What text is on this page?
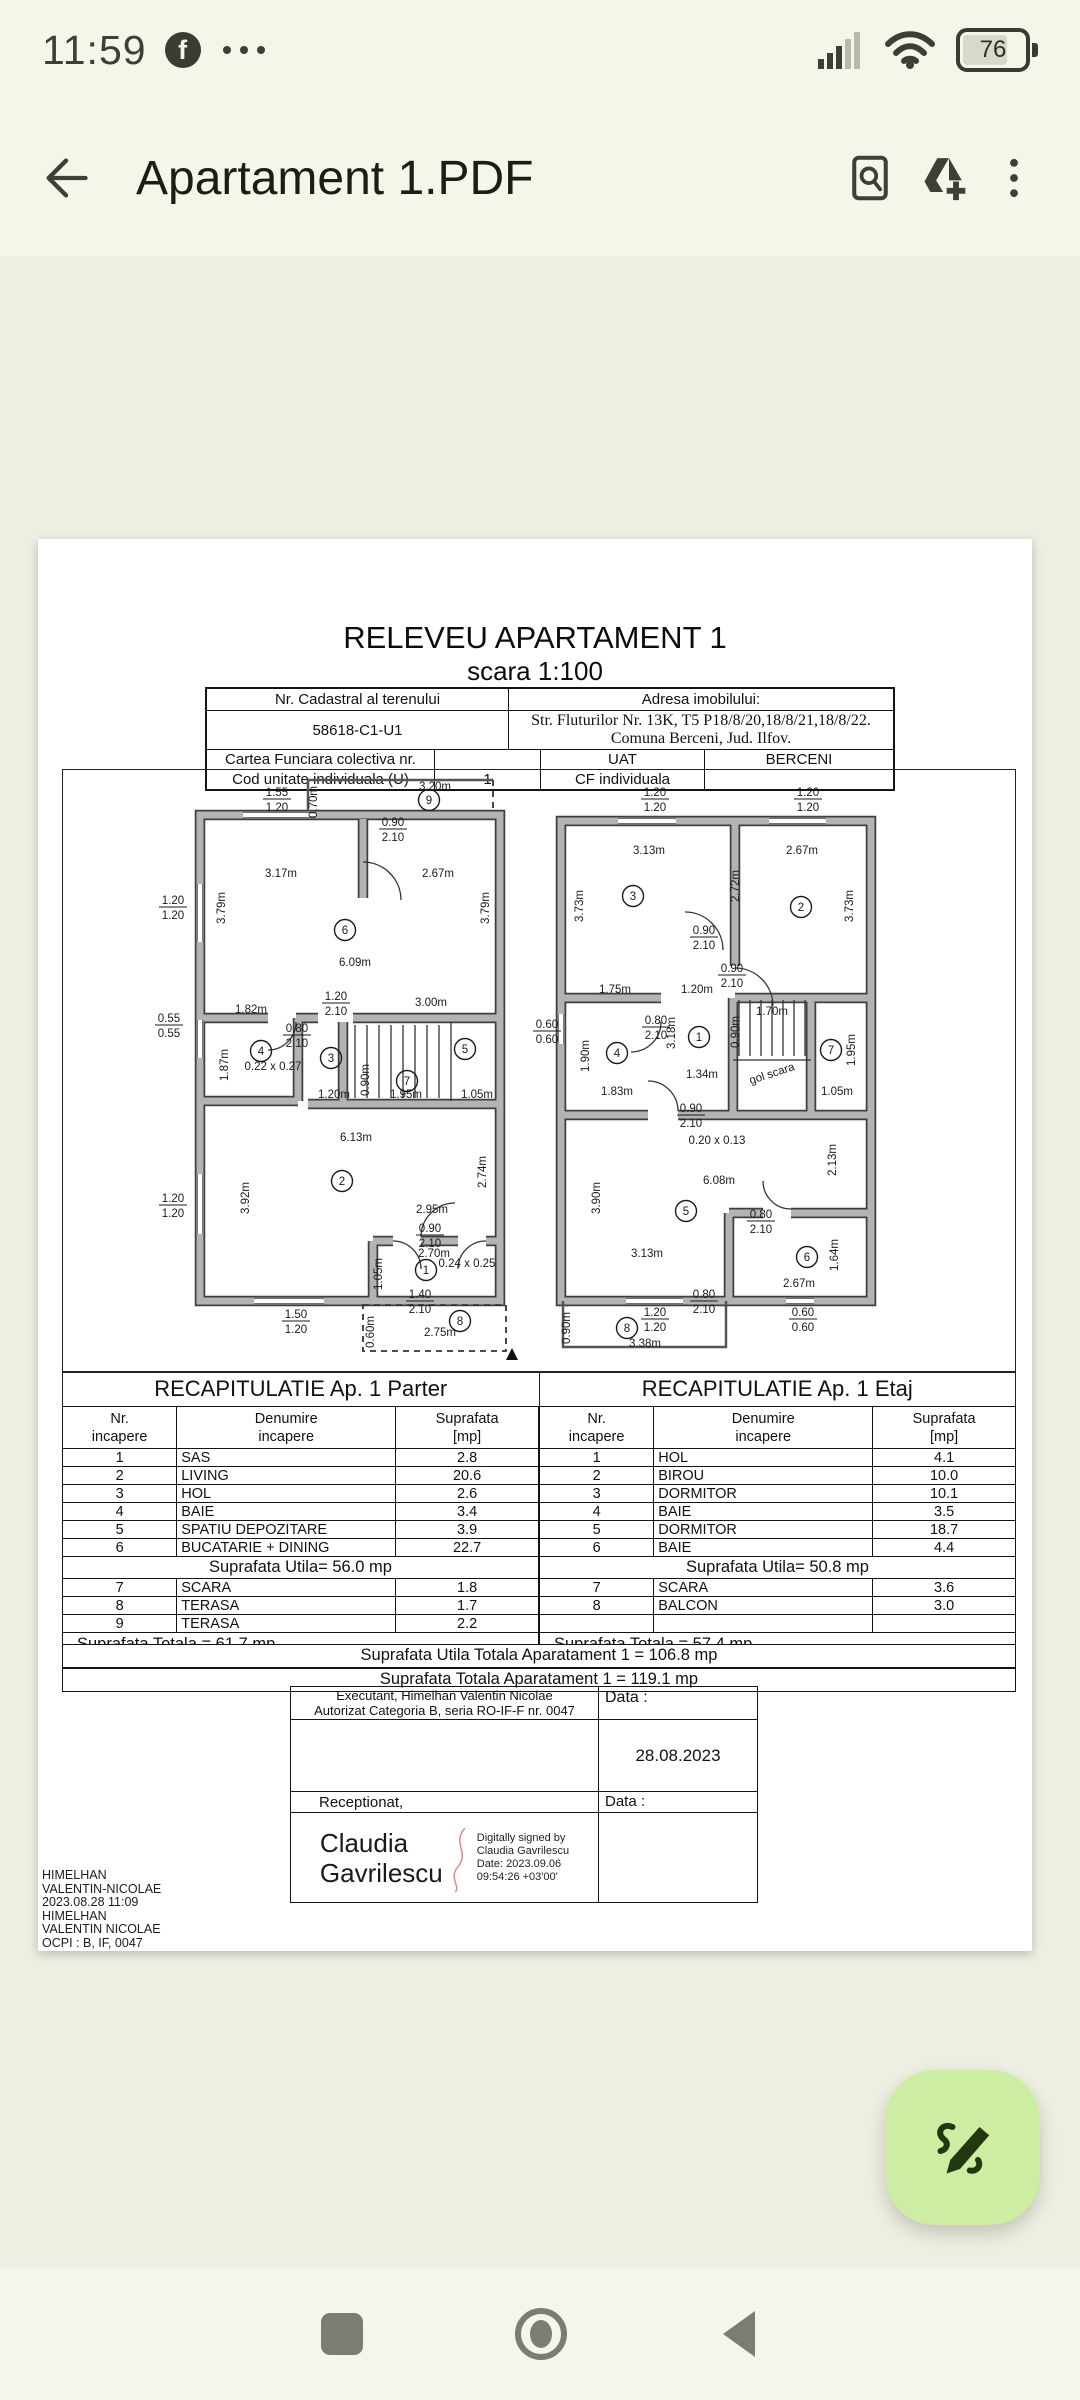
11:59	f	76
Apartament 1.PDF
RELEVEU APARTAMENT 1
scara 1:100
Nr. Cadastral al terenului	Adresa imobilului:
58618-C1-U1
Str. Fluturilor Nr. 13K, T5 P18/8/20,18/8/21,18/8/22.
Comuna Berceni, Jud. Ilfov.
Cartea Funciara colectiva nr.	UAT	BERCENI
Cod unitate individuala (U)	1	CF individuala
1.55
1.20
3.20m
0.70m	9
0.90
2.10
3.17m	2.67m
3.79m	3.79m
1.20
1.20
6
6.09m
0.55
0.55
1.82m
0.80
2.10
1.20
2.10
3.00m
4
1.87m 0.22 x 0.27
3
5
0.90m	7
1.20m	1.95m	1.05m
6.13m
2
3.92m
2.74m
1.20
1.20	2.95m
0.90
2.10
2.70m
1.05m	1
0.24 x 0.25
1.40
2.10
8
2.75m
1.50
1.20	0.60m
1.20
1.20
1.20
1.20
3.13m	2.67m
3	2.72m
2
3.73m	3.73m
0.90
2.10
0.90
2.10
1.75m	1.20m
0.60
0.60
4
1.90m
0.80
2.10
3.18m 1
1.34m	gol scara
7 1.95m
0.90m
1.70m
1.83m	1.05m
0.90
2.10
0.20 x 0.13
6.08m
2.13m
3.90m	5	0.80
2.10
6 1.64m
3.13m
2.67m
0.80
2.10
1.20
1.20
8
0.90m
3.38m
0.60
0.60
RECAPITULATIE Ap. 1 Parter	RECAPITULATIE Ap. 1 Etaj
Nr.
incapere	Denumire
incapere	Suprafata
[mp]
1	SAS	2.8
2	LIVING	20.6
3	HOL	2.6
4	BAIE	3.4
5	SPATIU DEPOZITARE	3.9
6	BUCATARIE + DINING	22.7
Suprafata Utila= 56.0 mp		
7	SCARA	1.8
8	TERASA	1.7
9	TERASA	2.2

Nr.
incapere	Denumire
incapere	Suprafata
[mp]
1	HOL	4.1
2	BIROU	10.0
3	DORMITOR	10.1
4	BAIE	3.5
5	DORMITOR	18.7
6	BAIE	4.4
Suprafata Utila= 50.8 mp		
7	SCARA	3.6
8	BALCON	3.0

Suprafata Utila Totala Aparatament 1 = 106.8 mp
Suprafata Totala Aparatament 1 = 119.1 mp
Executant, Himelhan Valentin Nicolae
Autorizat Categoria B, seria RO-IF-F nr. 0047
Data :
28.08.2023
Receptionat,	Data :
Claudia
Gavrilescu
Digitally signed by
Claudia Gavrilescu
Date: 2023.09.06
09:54:26 +03'00'
HIMELHAN
VALENTIN-NICOLAE
2023.08.28 11:09
HIMELHAN
VALENTIN NICOLAE
OCPI : B, IF, 0047
